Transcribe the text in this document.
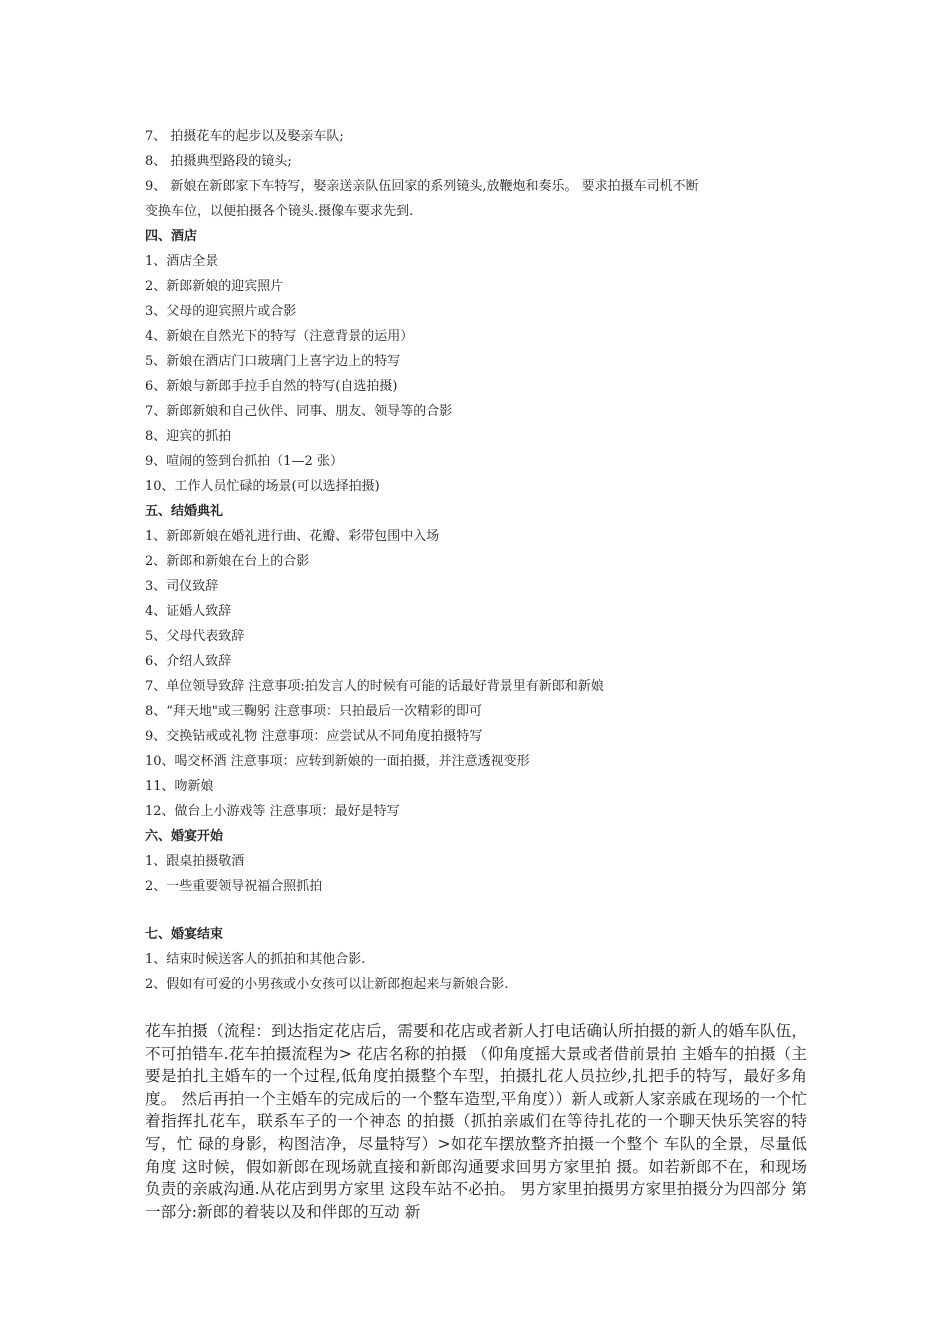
7、 拍摄花车的起步以及娶亲车队;
8、 拍摄典型路段的镜头;
9、 新娘在新郎家下车特写，娶亲送亲队伍回家的系列镜头,放鞭炮和奏乐。 要求拍摄车司机不断
变换车位，以便拍摄各个镜头.摄像车要求先到.
四、酒店
1、酒店全景
2、新郎新娘的迎宾照片
3、父母的迎宾照片或合影
4、新娘在自然光下的特写（注意背景的运用）
5、新娘在酒店门口玻璃门上喜字边上的特写
6、新娘与新郎手拉手自然的特写(自选拍摄)
7、新郎新娘和自己伙伴、同事、朋友、领导等的合影
8、迎宾的抓拍
9、喧闹的签到台抓拍（1—2 张）
10、工作人员忙碌的场景(可以选择拍摄)
五、结婚典礼
1、新郎新娘在婚礼进行曲、花瓣、彩带包围中入场
2、新郎和新娘在台上的合影
3、司仪致辞
4、证婚人致辞
5、父母代表致辞
6、介绍人致辞
7、单位领导致辞 注意事项:拍发言人的时候有可能的话最好背景里有新郎和新娘
8、“拜天地"或三鞠躬 注意事项：只拍最后一次精彩的即可
9、交换钻戒或礼物 注意事项：应尝试从不同角度拍摄特写
10、喝交杯酒 注意事项：应转到新娘的一面拍摄，并注意透视变形
11、吻新娘
12、做台上小游戏等 注意事项：最好是特写
六、婚宴开始
1、跟桌拍摄敬酒
2、一些重要领导祝福合照抓拍
七、婚宴结束
1、结束时候送客人的抓拍和其他合影.
2、假如有可爱的小男孩或小女孩可以让新郎抱起来与新娘合影.
花车拍摄（流程：到达指定花店后，需要和花店或者新人打电话确认所拍摄的新人的婚车队伍，不可拍错车.花车拍摄流程为> 花店名称的拍摄 （仰角度摇大景或者借前景拍 主婚车的拍摄（主要是拍扎主婚车的一个过程,低角度拍摄整个车型，拍摄扎花人员拉纱,扎把手的特写，最好多角度。 然后再拍一个主婚车的完成后的一个整车造型,平角度））新人或新人家亲戚在现场的一个忙着指挥扎花车，联系车子的一个神态 的拍摄（抓拍亲戚们在等待扎花的一个聊天快乐笑容的特写，忙 碌的身影，构图洁净，尽量特写）>如花车摆放整齐拍摄一个整个 车队的全景，尽量低角度 这时候，假如新郎在现场就直接和新郎沟通要求回男方家里拍 摄。如若新郎不在，和现场负责的亲戚沟通.从花店到男方家里 这段车站不必拍。 男方家里拍摄男方家里拍摄分为四部分 第一部分:新郎的着装以及和伴郎的互动 新
